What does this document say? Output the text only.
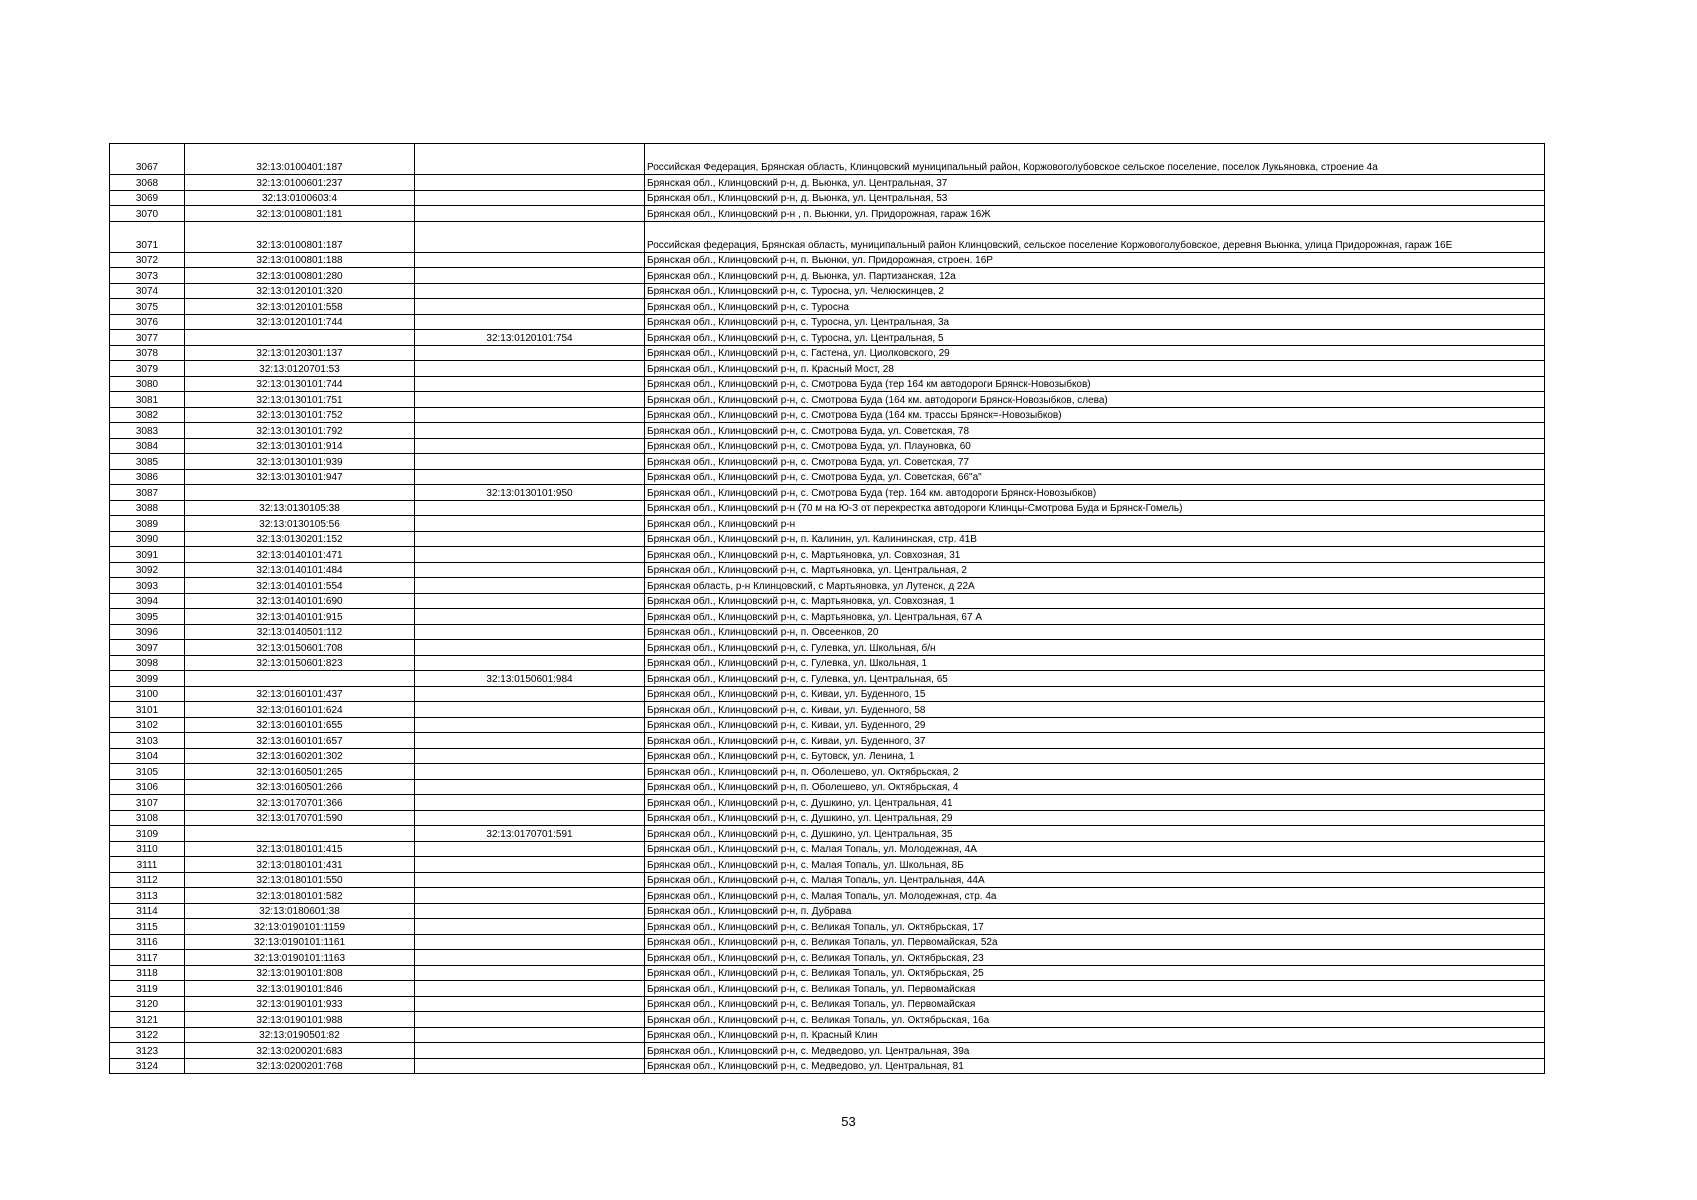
3067	32:13:0100401:187		Российская Федерация, Брянская область, Клинцовский муниципальный район, Коржовоголубовское сельское поселение, поселок Лукьяновка, строение 4а
3068	32:13:0100601:237		Брянская обл., Клинцовский р-н, д. Вьюнка, ул. Центральная, 37
3069	32:13:0100603:4		Брянская обл., Клинцовский р-н, д. Вьюнка, ул. Центральная, 53
3070	32:13:0100801:181		Брянская обл., Клинцовский р-н , п. Вьюнки, ул. Придорожная, гараж 16Ж
3071	32:13:0100801:187		Российская федерация, Брянская область, муниципальный район Клинцовский, сельское поселение Коржовоголубовское, деревня Вьюнка, улица Придорожная, гараж 16Е
3072	32:13:0100801:188		Брянская обл., Клинцовский р-н, п. Вьюнки, ул. Придорожная, строен. 16Р
3073	32:13:0100801:280		Брянская обл., Клинцовский р-н, д. Вьюнка, ул. Партизанская, 12а
3074	32:13:0120101:320		Брянская обл., Клинцовский р-н, с. Туросна, ул. Челюскинцев, 2
3075	32:13:0120101:558		Брянская обл., Клинцовский р-н, с. Туросна
3076	32:13:0120101:744		Брянская обл., Клинцовский р-н, с. Туросна, ул. Центральная, 3а
3077		32:13:0120101:754	Брянская обл., Клинцовский р-н, с. Туросна, ул. Центральная, 5
3078	32:13:0120301:137		Брянская обл., Клинцовский р-н, с. Гастена, ул. Циолковского, 29
3079	32:13:0120701:53		Брянская обл., Клинцовский р-н, п. Красный Мост, 28
3080	32:13:0130101:744		Брянская обл., Клинцовский р-н, с. Смотрова Буда (тер 164 км автодороги Брянск-Новозыбков)
3081	32:13:0130101:751		Брянская обл., Клинцовский р-н, с. Смотрова Буда (164 км. автодороги Брянск-Новозыбков, слева)
3082	32:13:0130101:752		Брянская обл., Клинцовский р-н, с. Смотрова Буда (164 км. трассы Брянск=-Новозыбков)
3083	32:13:0130101:792		Брянская обл., Клинцовский р-н, с. Смотрова Буда, ул. Советская, 78
3084	32:13:0130101:914		Брянская обл., Клинцовский р-н, с. Смотрова Буда, ул. Плауновка, 60
3085	32:13:0130101:939		Брянская обл., Клинцовский р-н, с. Смотрова Буда, ул. Советская, 77
3086	32:13:0130101:947		Брянская обл., Клинцовский р-н, с. Смотрова Буда, ул. Советская, 66"а"
3087		32:13:0130101:950	Брянская обл., Клинцовский р-н, с. Смотрова Буда (тер. 164 км. автодороги Брянск-Новозыбков)
3088	32:13:0130105:38		Брянская обл., Клинцовский р-н (70 м на Ю-З от перекрестка автодороги Клинцы-Смотрова Буда и Брянск-Гомель)
3089	32:13:0130105:56		Брянская обл., Клинцовский р-н
3090	32:13:0130201:152		Брянская обл., Клинцовский р-н, п. Калинин, ул. Калининская, стр. 41В
3091	32:13:0140101:471		Брянская обл., Клинцовский р-н, с. Мартьяновка, ул. Совхозная, 31
3092	32:13:0140101:484		Брянская обл., Клинцовский р-н, с. Мартьяновка, ул. Центральная, 2
3093	32:13:0140101:554		Брянская область, р-н Клинцовский, с Мартьяновка, ул Лутенск, д 22А
3094	32:13:0140101:690		Брянская обл., Клинцовский р-н, с. Мартьяновка, ул. Совхозная, 1
3095	32:13:0140101:915		Брянская обл., Клинцовский р-н, с. Мартьяновка, ул. Центральная, 67 А
3096	32:13:0140501:112		Брянская обл., Клинцовский р-н, п. Овсеенков, 20
3097	32:13:0150601:708		Брянская обл., Клинцовский р-н, с. Гулевка, ул. Школьная, б/н
3098	32:13:0150601:823		Брянская обл., Клинцовский р-н, с. Гулевка, ул. Школьная, 1
3099		32:13:0150601:984	Брянская обл., Клинцовский р-н, с. Гулевка, ул. Центральная, 65
3100	32:13:0160101:437		Брянская обл., Клинцовский р-н, с. Киваи, ул. Буденного, 15
3101	32:13:0160101:624		Брянская обл., Клинцовский р-н, с. Киваи, ул. Буденного, 58
3102	32:13:0160101:655		Брянская обл., Клинцовский р-н, с. Киваи, ул. Буденного, 29
3103	32:13:0160101:657		Брянская обл., Клинцовский р-н, с. Киваи, ул. Буденного, 37
3104	32:13:0160201:302		Брянская обл., Клинцовский р-н, с. Бутовск, ул. Ленина, 1
3105	32:13:0160501:265		Брянская обл., Клинцовский р-н, п. Оболешево, ул. Октябрьская, 2
3106	32:13:0160501:266		Брянская обл., Клинцовский р-н, п. Оболешево, ул. Октябрьская, 4
3107	32:13:0170701:366		Брянская обл., Клинцовский р-н, с. Душкино, ул. Центральная, 41
3108	32:13:0170701:590		Брянская обл., Клинцовский р-н, с. Душкино, ул. Центральная, 29
3109		32:13:0170701:591	Брянская обл., Клинцовский р-н, с. Душкино, ул. Центральная, 35
3110	32:13:0180101:415		Брянская обл., Клинцовский р-н, с. Малая Топаль, ул. Молодежная, 4А
3111	32:13:0180101:431		Брянская обл., Клинцовский р-н, с. Малая Топаль, ул. Школьная, 8Б
3112	32:13:0180101:550		Брянская обл., Клинцовский р-н, с. Малая Топаль, ул. Центральная, 44А
3113	32:13:0180101:582		Брянская обл., Клинцовский р-н, с. Малая Топаль, ул. Молодежная, стр. 4а
3114	32:13:0180601:38		Брянская обл., Клинцовский р-н, п. Дубрава
3115	32:13:0190101:1159		Брянская обл., Клинцовский р-н, с. Великая Топаль, ул. Октябрьская, 17
3116	32:13:0190101:1161		Брянская обл., Клинцовский р-н, с. Великая Топаль, ул. Первомайская, 52а
3117	32:13:0190101:1163		Брянская обл., Клинцовский р-н, с. Великая Топаль, ул. Октябрьская, 23
3118	32:13:0190101:808		Брянская обл., Клинцовский р-н, с. Великая Топаль, ул. Октябрьская, 25
3119	32:13:0190101:846		Брянская обл., Клинцовский р-н, с. Великая Топаль, ул. Первомайская
3120	32:13:0190101:933		Брянская обл., Клинцовский р-н, с. Великая Топаль, ул. Первомайская
3121	32:13:0190101:988		Брянская обл., Клинцовский р-н, с. Великая Топаль, ул. Октябрьская, 16а
3122	32:13:0190501:82		Брянская обл., Клинцовский р-н, п. Красный Клин
3123	32:13:0200201:683		Брянская обл., Клинцовский р-н, с. Медведово, ул. Центральная, 39а
3124	32:13:0200201:768		Брянская обл., Клинцовский р-н, с. Медведово, ул. Центральная, 81
53
